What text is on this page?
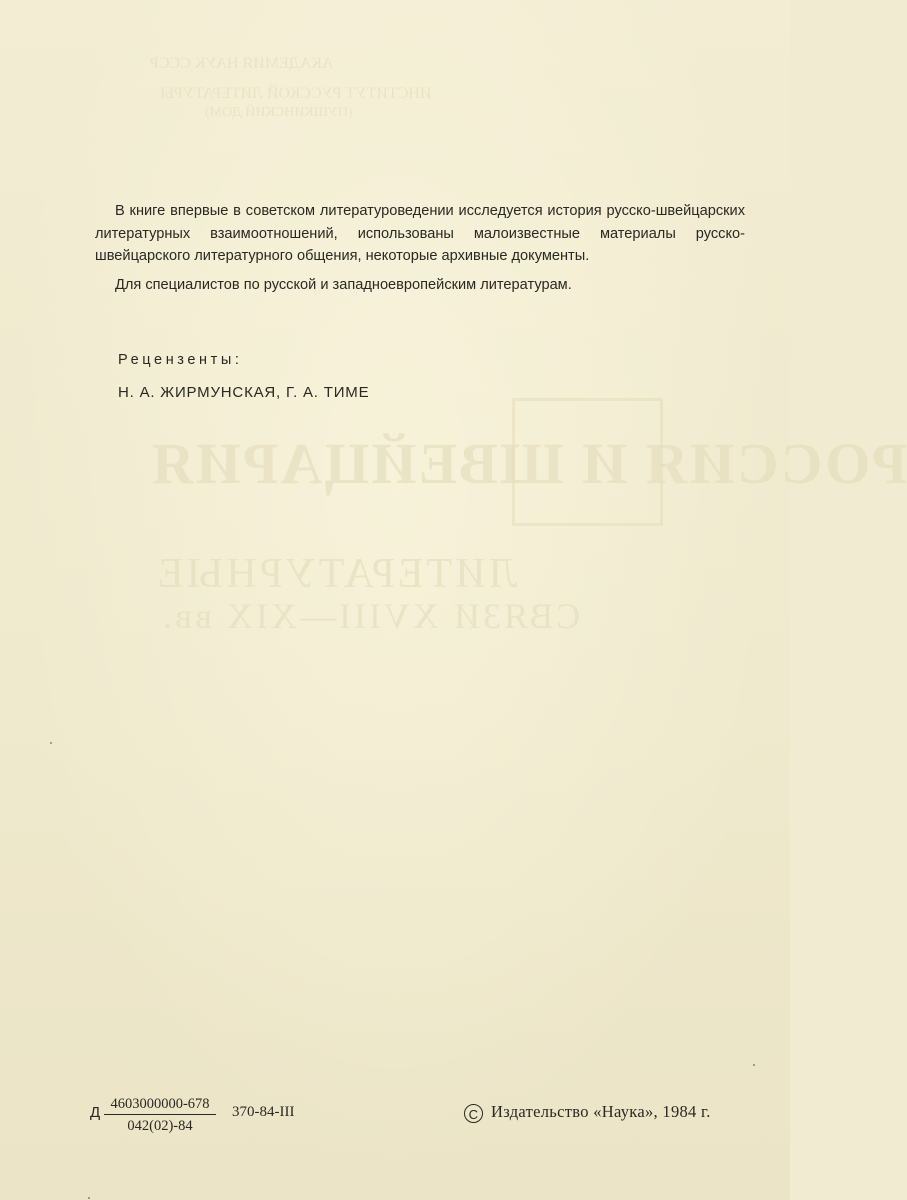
АКАДЕМИЯ НАУК СССР
ИНСТИТУТ РУССКОЙ ЛИТЕРАТУРЫ
(ПУШКИНСКИЙ ДОМ)
РОССИЯ И ШВЕЙЦАРИЯ
ЛИТЕРАТУРНЫЕ
СВЯЗИ XVIII—XIX вв.

В книге впервые в советском литературоведении исследуется история русско-швейцарских литературных взаимоотношений, использованы малоизвестные материалы русско-швейцарского литературного общения, некоторые архивные документы.

Для специалистов по русской и западноевропейским литературам.

Рецензенты:
Н. А. ЖИРМУНСКАЯ, Г. А. ТИМЕ
Д $\frac{4603000000-678}{042(02)-84} 370-84-III$	C Издательство «Наука», 1984 г.
